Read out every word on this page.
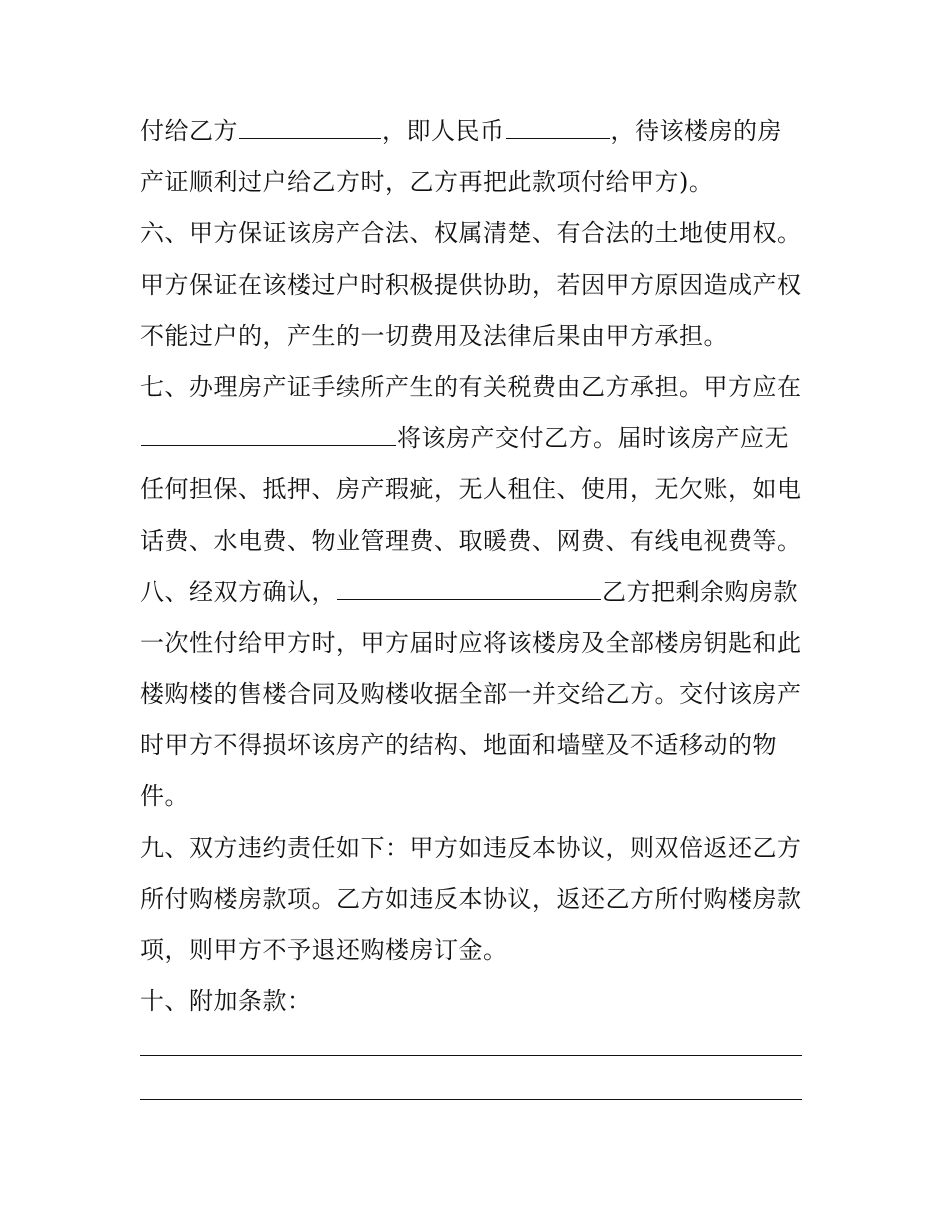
付给乙方	，即人民币	，待该楼房的房
产证顺利过户给乙方时，乙方再把此款项付给甲方)。
六、甲方保证该房产合法、权属清楚、有合法的土地使用权。
甲方保证在该楼过户时积极提供协助，若因甲方原因造成产权
不能过户的，产生的一切费用及法律后果由甲方承担。
七、办理房产证手续所产生的有关税费由乙方承担。甲方应在
将该房产交付乙方。届时该房产应无
任何担保、抵押、房产瑕疵，无人租住、使用，无欠账，如电
话费、水电费、物业管理费、取暖费、网费、有线电视费等。
八、经双方确认，	乙方把剩余购房款
一次性付给甲方时，甲方届时应将该楼房及全部楼房钥匙和此
楼购楼的售楼合同及购楼收据全部一并交给乙方。交付该房产
时甲方不得损坏该房产的结构、地面和墙壁及不适移动的物
件。
九、双方违约责任如下：甲方如违反本协议，则双倍返还乙方
所付购楼房款项。乙方如违反本协议，返还乙方所付购楼房款
项，则甲方不予退还购楼房订金。
十、附加条款：
